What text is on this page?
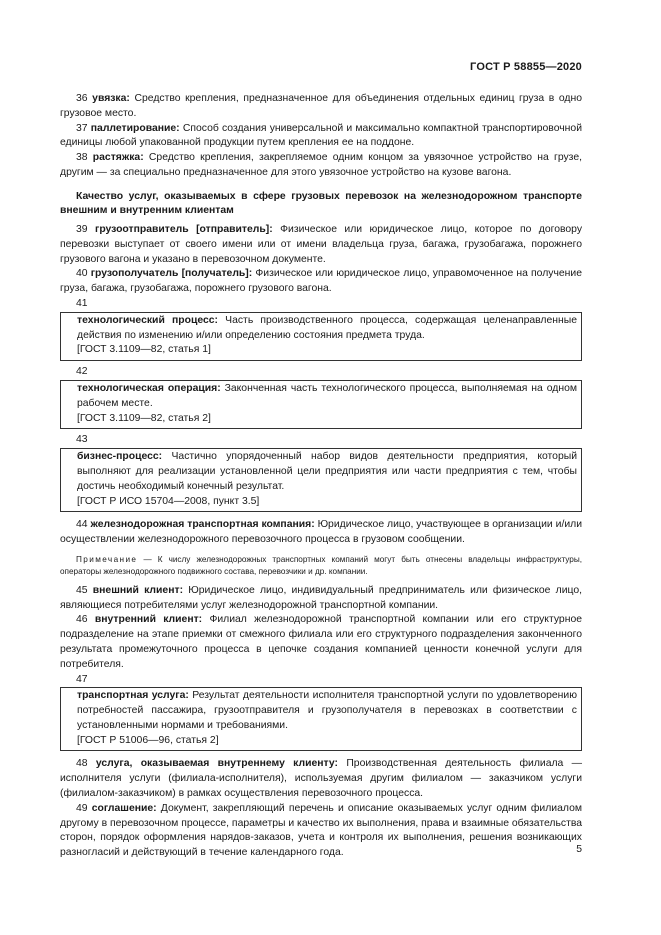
ГОСТ Р 58855—2020

36 увязка: Средство крепления, предназначенное для объединения отдельных единиц груза в одно грузовое место.

37 паллетирование: Способ создания универсальной и максимально компактной транспортировочной единицы любой упакованной продукции путем крепления ее на поддоне.

38 растяжка: Средство крепления, закрепляемое одним концом за увязочное устройство на грузе, другим — за специально предназначенное для этого увязочное устройство на кузове вагона.

Качество услуг, оказываемых в сфере грузовых перевозок на железнодорожном транспорте внешним и внутренним клиентам

39 грузоотправитель [отправитель]: Физическое или юридическое лицо, которое по договору перевозки выступает от своего имени или от имени владельца груза, багажа, грузобагажа, порожнего грузового вагона и указано в перевозочном документе.

40 грузополучатель [получатель]: Физическое или юридическое лицо, управомоченное на получение груза, багажа, грузобагажа, порожнего грузового вагона.

41

технологический процесс: Часть производственного процесса, содержащая целенаправленные действия по изменению и/или определению состояния предмета труда.

[ГОСТ 3.1109—82, статья 1]

42

технологическая операция: Законченная часть технологического процесса, выполняемая на одном рабочем месте.

[ГОСТ 3.1109—82, статья 2]

43

бизнес-процесс: Частично упорядоченный набор видов деятельности предприятия, который выполняют для реализации установленной цели предприятия или части предприятия с тем, чтобы достичь необходимый конечный результат.

[ГОСТ Р ИСО 15704—2008, пункт 3.5]

44 железнодорожная транспортная компания: Юридическое лицо, участвующее в организации и/или осуществлении железнодорожного перевозочного процесса в грузовом сообщении.

Примечание — К числу железнодорожных транспортных компаний могут быть отнесены владельцы инфраструктуры, операторы железнодорожного подвижного состава, перевозчики и др. компании.

45 внешний клиент: Юридическое лицо, индивидуальный предприниматель или физическое лицо, являющиеся потребителями услуг железнодорожной транспортной компании.

46 внутренний клиент: Филиал железнодорожной транспортной компании или его структурное подразделение на этапе приемки от смежного филиала или его структурного подразделения законченного результата промежуточного процесса в цепочке создания компанией ценности конечной услуги для потребителя.

47

транспортная услуга: Результат деятельности исполнителя транспортной услуги по удовлетворению потребностей пассажира, грузоотправителя и грузополучателя в перевозках в соответствии с установленными нормами и требованиями.

[ГОСТ Р 51006—96, статья 2]

48 услуга, оказываемая внутреннему клиенту: Производственная деятельность филиала — исполнителя услуги (филиала-исполнителя), используемая другим филиалом — заказчиком услуги (филиалом-заказчиком) в рамках осуществления перевозочного процесса.

49 соглашение: Документ, закрепляющий перечень и описание оказываемых услуг одним филиалом другому в перевозочном процессе, параметры и качество их выполнения, права и взаимные обязательства сторон, порядок оформления нарядов-заказов, учета и контроля их выполнения, решения возникающих разногласий и действующий в течение календарного года.	5
